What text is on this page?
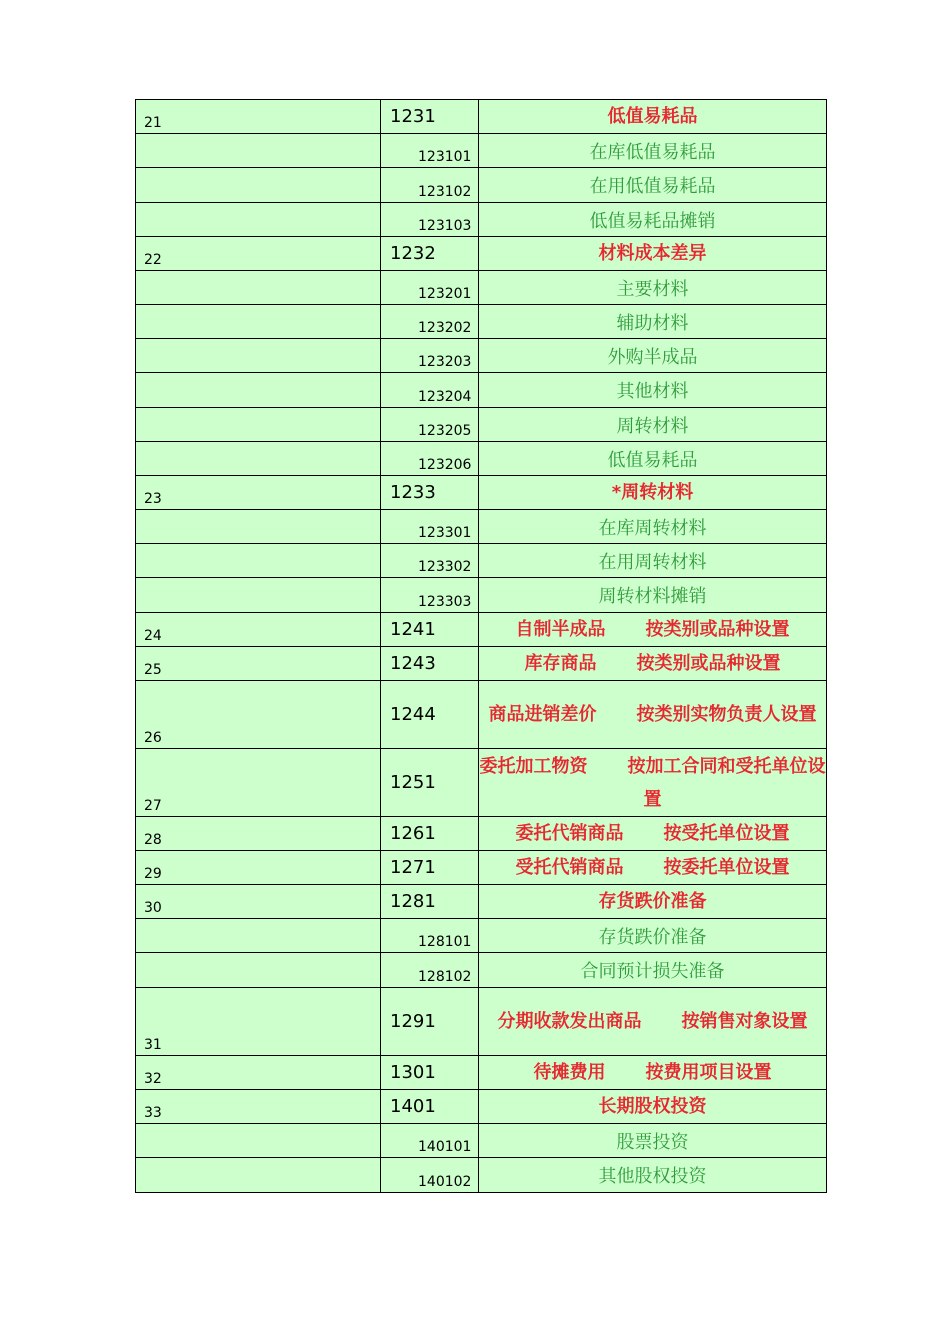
21	1231	低值易耗品
	123101	在库低值易耗品
	123102	在用低值易耗品
	123103	低值易耗品摊销
22	1232	材料成本差异
	123201	主要材料
	123202	辅助材料
	123203	外购半成品
	123204	其他材料
	123205	周转材料
	123206	低值易耗品
23	1233	*周转材料
	123301	在库周转材料
	123302	在用周转材料
	123303	周转材料摊销
24	1241	自制半成品 按类别或品种设置
25	1243	库存商品 按类别或品种设置
26	1244	商品进销差价 按类别实物负责人设置
27	1251	委托加工物资 按加工合同和受托单位设置
28	1261	委托代销商品 按受托单位设置
29	1271	受托代销商品 按委托单位设置
30	1281	存货跌价准备
	128101	存货跌价准备
	128102	合同预计损失准备
31	1291	分期收款发出商品 按销售对象设置
32	1301	待摊费用 按费用项目设置
33	1401	长期股权投资
	140101	股票投资
	140102	其他股权投资
